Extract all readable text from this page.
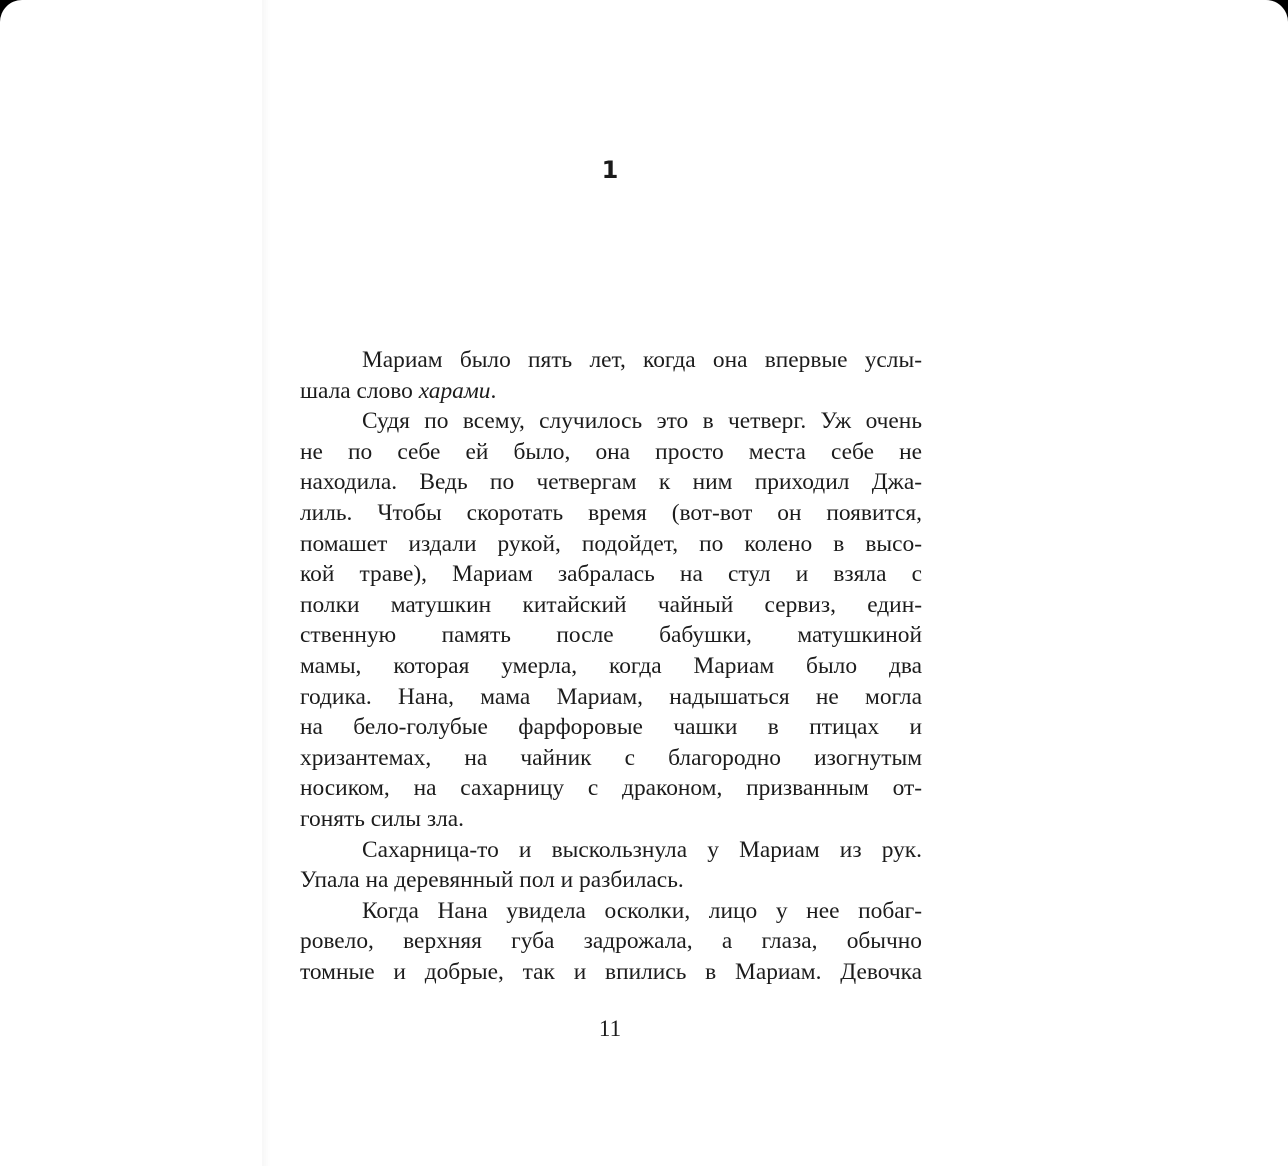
1

Мариам было пять лет, когда она впервые услы-
шала слово харами.

Судя по всему, случилось это в четверг. Уж очень
не по себе ей было, она просто места себе не
находила. Ведь по четвергам к ним приходил Джа-
лиль. Чтобы скоротать время (вот-вот он появится,
помашет издали рукой, подойдет, по колено в высо-
кой траве), Мариам забралась на стул и взяла с
полки матушкин китайский чайный сервиз, един-
ственную память после бабушки, матушкиной
мамы, которая умерла, когда Мариам было два
годика. Нана, мама Мариам, надышаться не могла
на бело-голубые фарфоровые чашки в птицах и
хризантемах, на чайник с благородно изогнутым
носиком, на сахарницу с драконом, призванным от-
гонять силы зла.

Сахарница-то и выскользнула у Мариам из рук.
Упала на деревянный пол и разбилась.

Когда Нана увидела осколки, лицо у нее побаг-
ровело, верхняя губа задрожала, а глаза, обычно
томные и добрые, так и впились в Мариам. Девочка

11
